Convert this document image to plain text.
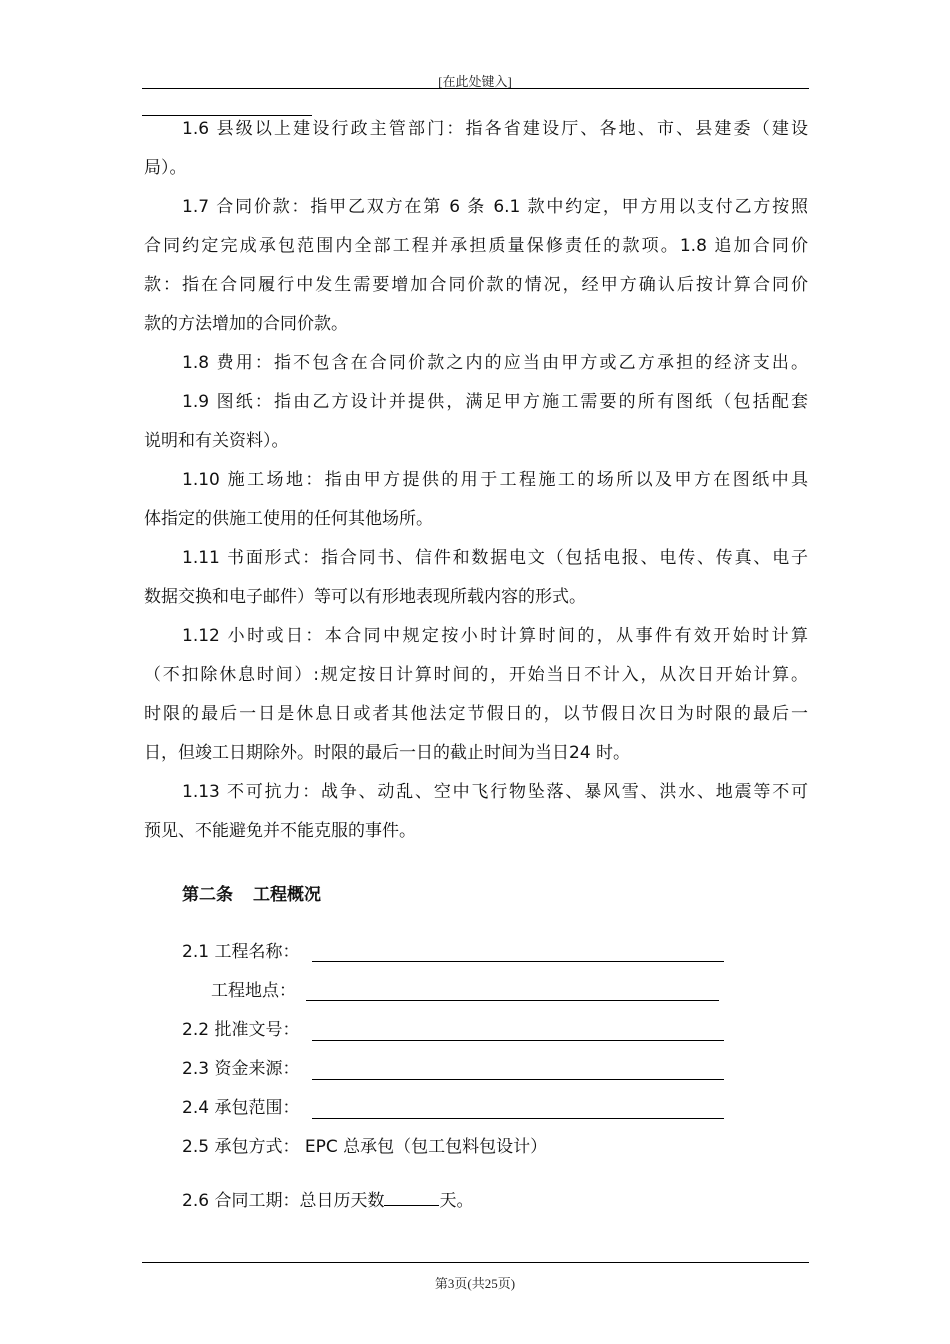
[在此处键入]
1.6 县级以上建设行政主管部门：指各省建设厅、各地、市、县建委（建设
局）。
1.7 合同价款：指甲乙双方在第 6 条 6.1 款中约定，甲方用以支付乙方按照
合同约定完成承包范围内全部工程并承担质量保修责任的款项。1.8 追加合同价
款：指在合同履行中发生需要增加合同价款的情况，经甲方确认后按计算合同价
款的方法增加的合同价款。
1.8 费用：指不包含在合同价款之内的应当由甲方或乙方承担的经济支出。
1.9 图纸：指由乙方设计并提供，满足甲方施工需要的所有图纸（包括配套
说明和有关资料）。
1.10 施工场地：指由甲方提供的用于工程施工的场所以及甲方在图纸中具
体指定的供施工使用的任何其他场所。
1.11 书面形式：指合同书、信件和数据电文（包括电报、电传、传真、电子
数据交换和电子邮件）等可以有形地表现所载内容的形式。
1.12 小时或日：本合同中规定按小时计算时间的，从事件有效开始时计算
（不扣除休息时间）:规定按日计算时间的，开始当日不计入，从次日开始计算。
时限的最后一日是休息日或者其他法定节假日的，以节假日次日为时限的最后一
日，但竣工日期除外。时限的最后一日的截止时间为当日24 时。
1.13 不可抗力：战争、动乱、空中飞行物坠落、暴风雪、洪水、地震等不可
预见、不能避免并不能克服的事件。
第二条 工程概况
2.1 工程名称：
工程地点：
2.2 批准文号：
2.3 资金来源：
2.4 承包范围：
2.5 承包方式： EPC 总承包（包工包料包设计）
2.6 合同工期：总日历天数	天。
第3页(共25页)
